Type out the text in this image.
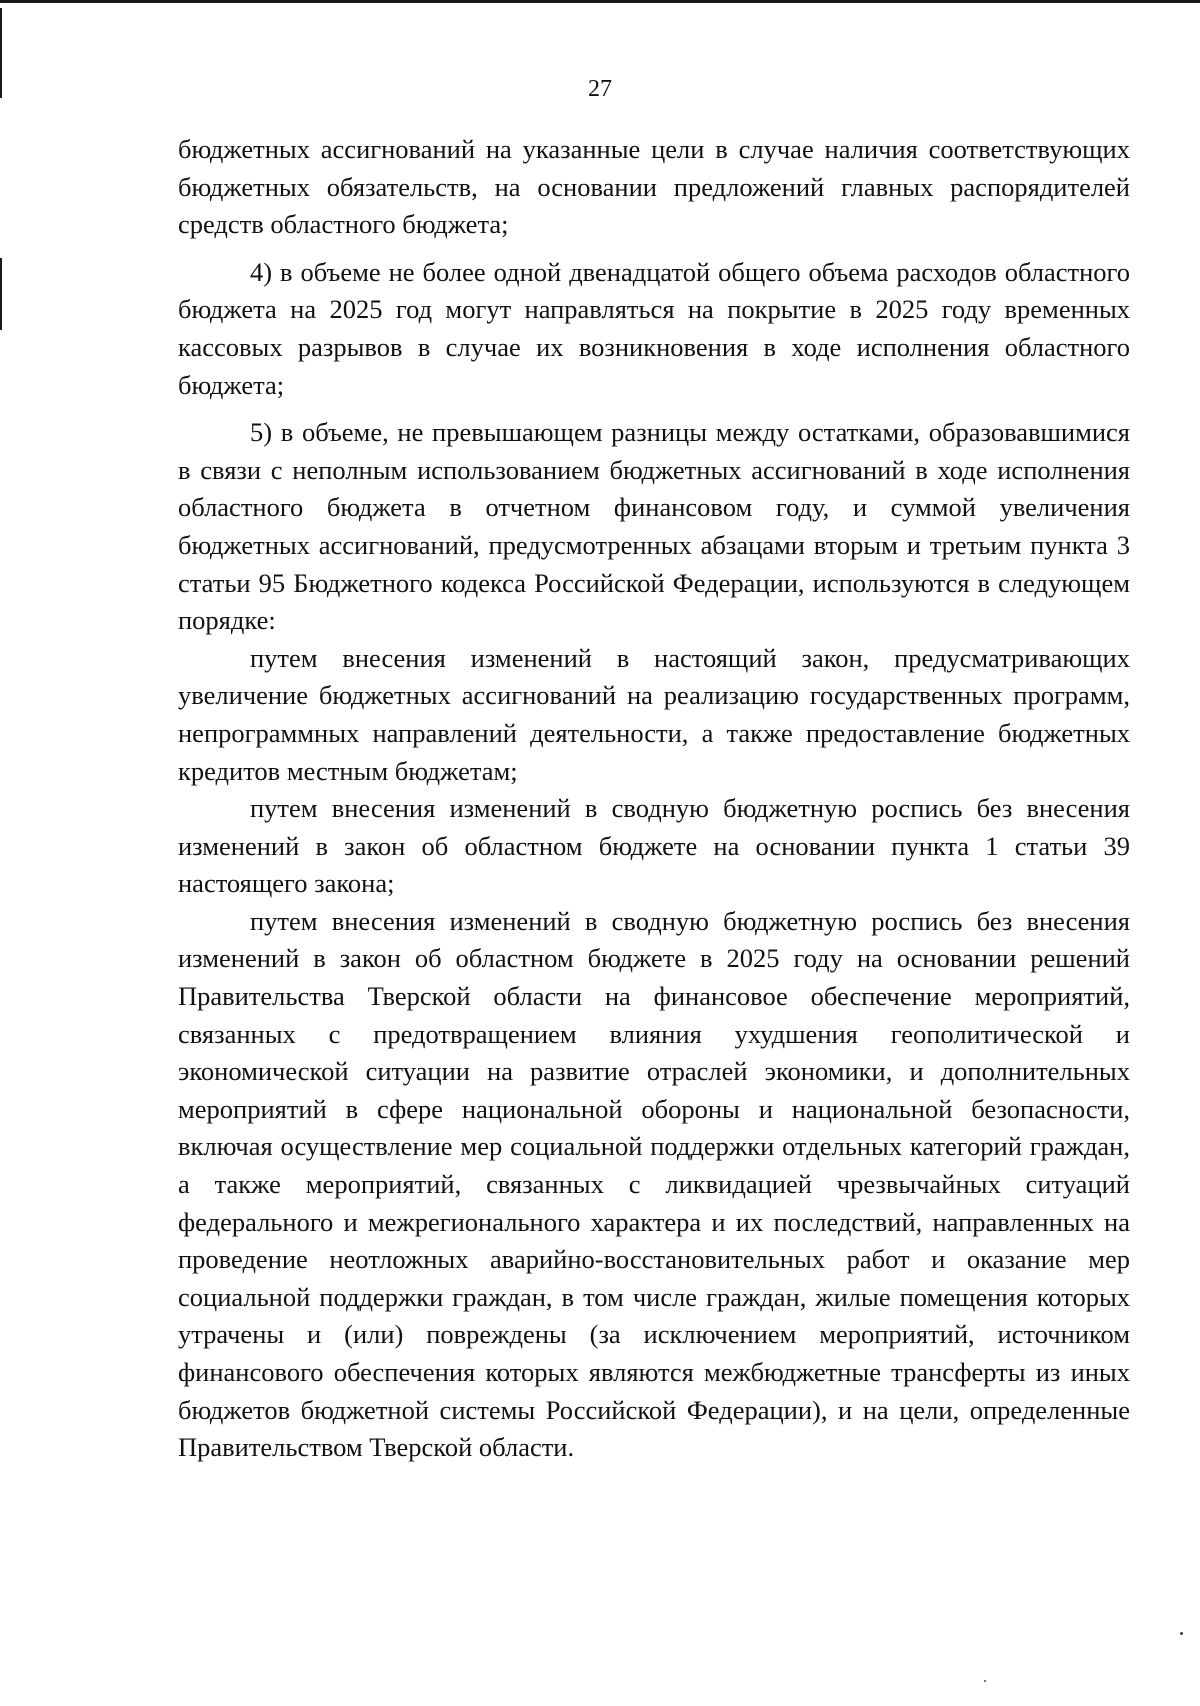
27

бюджетных ассигнований на указанные цели в случае наличия соответствующих бюджетных обязательств, на основании предложений главных распорядителей средств областного бюджета;

4) в объеме не более одной двенадцатой общего объема расходов областного бюджета на 2025 год могут направляться на покрытие в 2025 году временных кассовых разрывов в случае их возникновения в ходе исполнения областного бюджета;

5) в объеме, не превышающем разницы между остатками, образовавшимися в связи с неполным использованием бюджетных ассигнований в ходе исполнения областного бюджета в отчетном финансовом году, и суммой увеличения бюджетных ассигнований, предусмотренных абзацами вторым и третьим пункта 3 статьи 95 Бюджетного кодекса Российской Федерации, используются в следующем порядке:

путем внесения изменений в настоящий закон, предусматривающих увеличение бюджетных ассигнований на реализацию государственных программ, непрограммных направлений деятельности, а также предоставление бюджетных кредитов местным бюджетам;

путем внесения изменений в сводную бюджетную роспись без внесения изменений в закон об областном бюджете на основании пункта 1 статьи 39 настоящего закона;

путем внесения изменений в сводную бюджетную роспись без внесения изменений в закон об областном бюджете в 2025 году на основании решений Правительства Тверской области на финансовое обеспечение мероприятий, связанных с предотвращением влияния ухудшения геополитической и экономической ситуации на развитие отраслей экономики, и дополнительных мероприятий в сфере национальной обороны и национальной безопасности, включая осуществление мер социальной поддержки отдельных категорий граждан, а также мероприятий, связанных с ликвидацией чрезвычайных ситуаций федерального и межрегионального характера и их последствий, направленных на проведение неотложных аварийно-восстановительных работ и оказание мер социальной поддержки граждан, в том числе граждан, жилые помещения которых утрачены и (или) повреждены (за исключением мероприятий, источником финансового обеспечения которых являются межбюджетные трансферты из иных бюджетов бюджетной системы Российской Федерации), и на цели, определенные Правительством Тверской области.
